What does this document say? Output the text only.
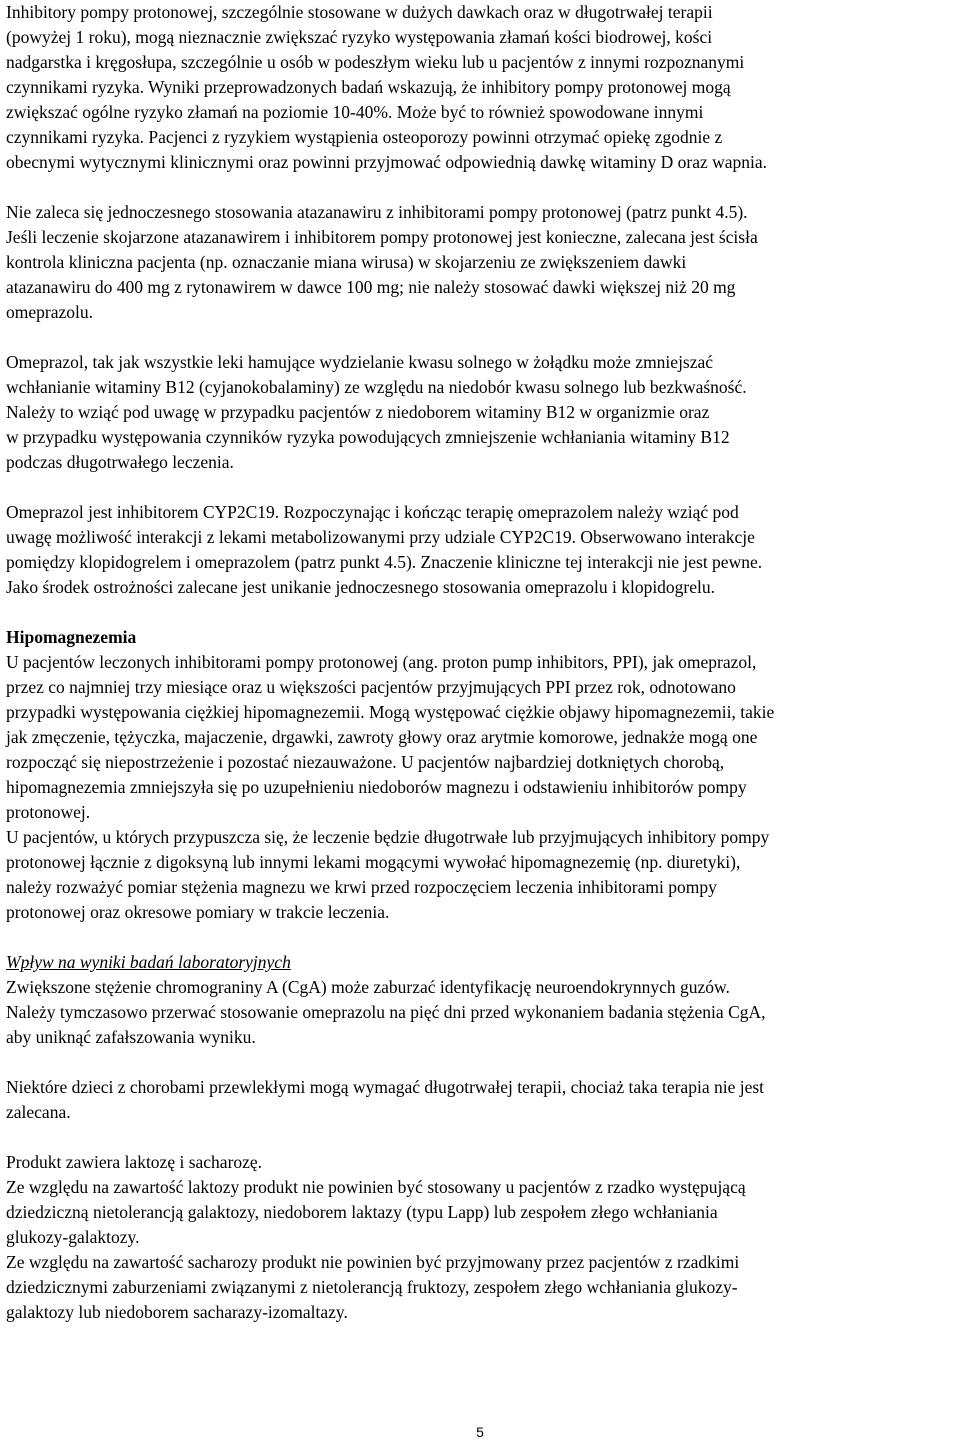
Inhibitory pompy protonowej, szczególnie stosowane w dużych dawkach oraz w długotrwałej terapii
(powyżej 1 roku), mogą nieznacznie zwiększać ryzyko występowania złamań kości biodrowej, kości
nadgarstka i kręgosłupa, szczególnie u osób w podeszłym wieku lub u pacjentów z innymi rozpoznanymi
czynnikami ryzyka. Wyniki przeprowadzonych badań wskazują, że inhibitory pompy protonowej mogą
zwiększać ogólne ryzyko złamań na poziomie 10-40%. Może być to również spowodowane innymi
czynnikami ryzyka. Pacjenci z ryzykiem wystąpienia osteoporozy powinni otrzymać opiekę zgodnie z
obecnymi wytycznymi klinicznymi oraz powinni przyjmować odpowiednią dawkę witaminy D oraz wapnia.
Nie zaleca się jednoczesnego stosowania atazanawiru z inhibitorami pompy protonowej (patrz punkt 4.5).
Jeśli leczenie skojarzone atazanawirem i inhibitorem pompy protonowej jest konieczne, zalecana jest ścisła
kontrola kliniczna pacjenta (np. oznaczanie miana wirusa) w skojarzeniu ze zwiększeniem dawki
atazanawiru do 400 mg z rytonawirem w dawce 100 mg; nie należy stosować dawki większej niż 20 mg
omeprazolu.
Omeprazol, tak jak wszystkie leki hamujące wydzielanie kwasu solnego w żołądku może zmniejszać
wchłanianie witaminy B12 (cyjanokobalaminy) ze względu na niedobór kwasu solnego lub bezkwaśność.
Należy to wziąć pod uwagę w przypadku pacjentów z niedoborem witaminy B12 w organizmie oraz
w przypadku występowania czynników ryzyka powodujących zmniejszenie wchłaniania witaminy B12
podczas długotrwałego leczenia.
Omeprazol jest inhibitorem CYP2C19. Rozpoczynając i kończąc terapię omeprazolem należy wziąć pod
uwagę możliwość interakcji z lekami metabolizowanymi przy udziale CYP2C19. Obserwowano interakcje
pomiędzy klopidogrelem i omeprazolem (patrz punkt 4.5). Znaczenie kliniczne tej interakcji nie jest pewne.
Jako środek ostrożności zalecane jest unikanie jednoczesnego stosowania omeprazolu i klopidogrelu.
Hipomagnezemia
U pacjentów leczonych inhibitorami pompy protonowej (ang. proton pump inhibitors, PPI), jak omeprazol,
przez co najmniej trzy miesiące oraz u większości pacjentów przyjmujących PPI przez rok, odnotowano
przypadki występowania ciężkiej hipomagnezemii. Mogą występować ciężkie objawy hipomagnezemii, takie
jak zmęczenie, tężyczka, majaczenie, drgawki, zawroty głowy oraz arytmie komorowe, jednakże mogą one
rozpocząć się niepostrzeżenie i pozostać niezauważone. U pacjentów najbardziej dotkniętych chorobą,
hipomagnezemia zmniejszyła się po uzupełnieniu niedoborów magnezu i odstawieniu inhibitorów pompy
protonowej.
U pacjentów, u których przypuszcza się, że leczenie będzie długotrwałe lub przyjmujących inhibitory pompy
protonowej łącznie z digoksyną lub innymi lekami mogącymi wywołać hipomagnezemię (np. diuretyki),
należy rozważyć pomiar stężenia magnezu we krwi przed rozpoczęciem leczenia inhibitorami pompy
protonowej oraz okresowe pomiary w trakcie leczenia.
Wpływ na wyniki badań laboratoryjnych
Zwiększone stężenie chromograniny A (CgA) może zaburzać identyfikację neuroendokrynnych guzów.
Należy tymczasowo przerwać stosowanie omeprazolu na pięć dni przed wykonaniem badania stężenia CgA,
aby uniknąć zafałszowania wyniku.
Niektóre dzieci z chorobami przewlekłymi mogą wymagać długotrwałej terapii, chociaż taka terapia nie jest
zalecana.
Produkt zawiera laktozę i sacharozę.
Ze względu na zawartość laktozy produkt nie powinien być stosowany u pacjentów z rzadko występującą
dziedziczną nietolerancją galaktozy, niedoborem laktazy (typu Lapp) lub zespołem złego wchłaniania
glukozy-galaktozy.
Ze względu na zawartość sacharozy produkt nie powinien być przyjmowany przez pacjentów z rzadkimi
dziedzicznymi zaburzeniami związanymi z nietolerancją fruktozy, zespołem złego wchłaniania glukozy-
galaktozy lub niedoborem sacharazy-izomaltazy.
5
